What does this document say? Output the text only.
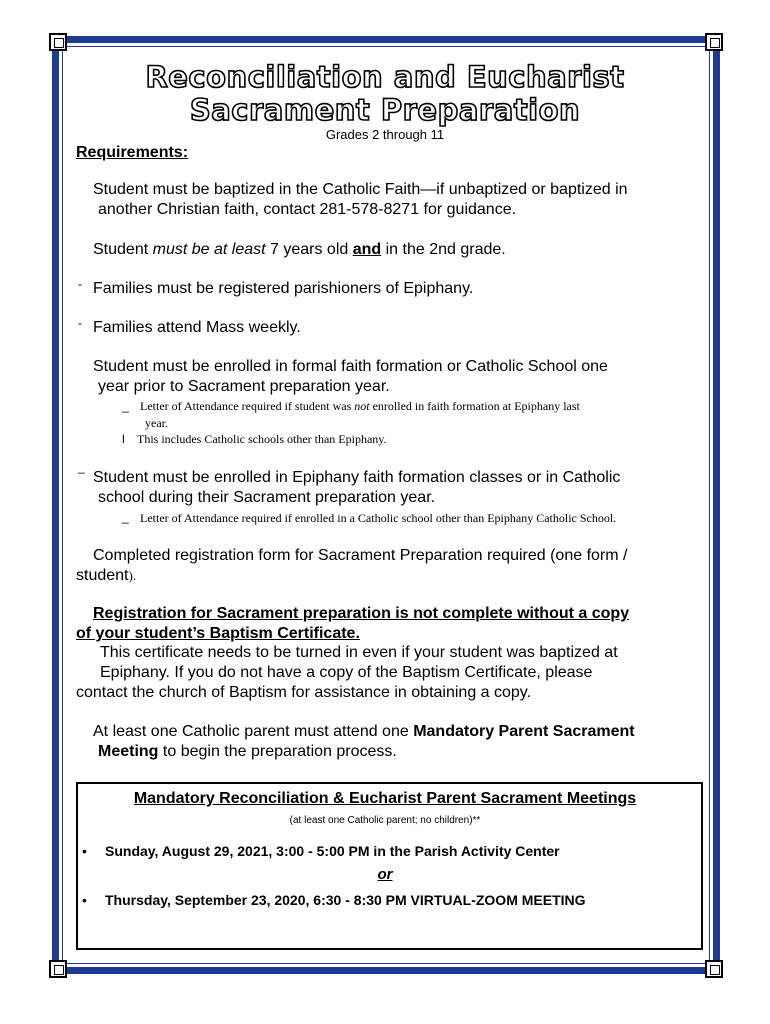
Reconciliation and Eucharist
Sacrament Preparation
Grades 2 through 11
Requirements:
Student must be baptized in the Catholic Faith—if unbaptized or baptized in
another Christian faith, contact 281-578-8271 for guidance.
Student must be at least 7 years old and in the 2nd grade.
‐ Families must be registered parishioners of Epiphany.
‐ Families attend Mass weekly.
Student must be enrolled in formal faith formation or Catholic School one
year prior to Sacrament preparation year.
_ Letter of Attendance required if student was not enrolled in faith formation at Epiphany last
year.
l This includes Catholic schools other than Epiphany.
_
Student must be enrolled in Epiphany faith formation classes or in Catholic
school during their Sacrament preparation year.
_ Letter of Attendance required if enrolled in a Catholic school other than Epiphany Catholic School.
Completed registration form for Sacrament Preparation required (one form /
student).
Registration for Sacrament preparation is not complete without a copy
of your student’s Baptism Certificate.
This certificate needs to be turned in even if your student was baptized at
Epiphany. If you do not have a copy of the Baptism Certificate, please
contact the church of Baptism for assistance in obtaining a copy.
At least one Catholic parent must attend one Mandatory Parent Sacrament
Meeting to begin the preparation process.
Mandatory Reconciliation & Eucharist Parent Sacrament Meetings
(at least one Catholic parent; no children)**
• Sunday, August 29, 2021, 3:00 - 5:00 PM in the Parish Activity Center
or
• Thursday, September 23, 2020, 6:30 - 8:30 PM VIRTUAL-ZOOM MEETING
